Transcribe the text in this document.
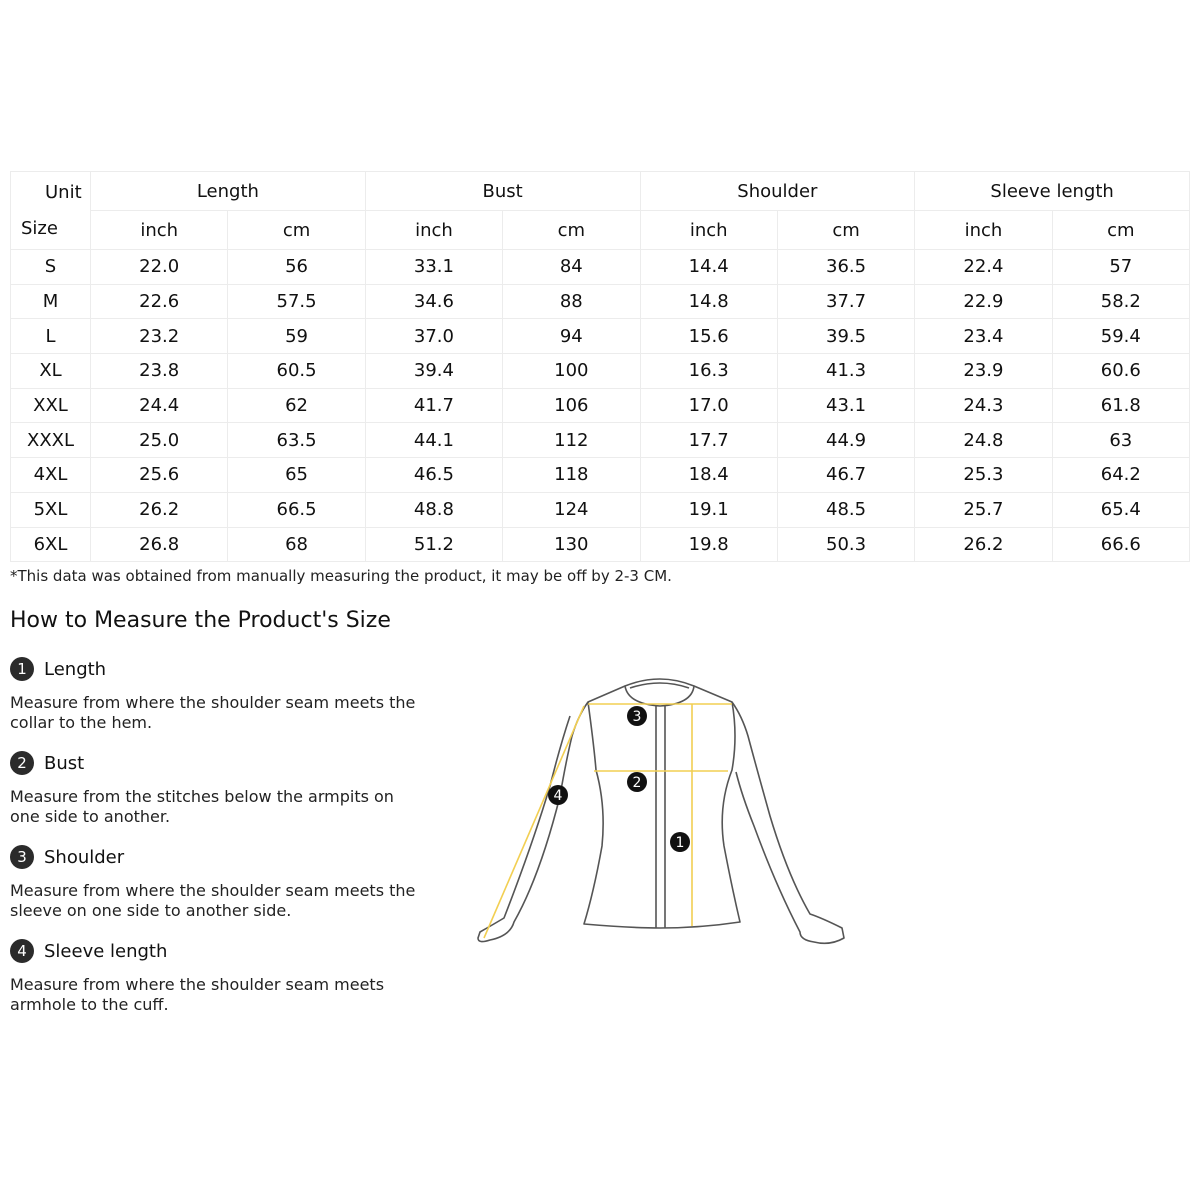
Unit
Size	Length		Bust		Shoulder		Sleeve length	
	inch	cm	inch	cm	inch	cm	inch	cm
S	22.0	56	33.1	84	14.4	36.5	22.4	57
M	22.6	57.5	34.6	88	14.8	37.7	22.9	58.2
L	23.2	59	37.0	94	15.6	39.5	23.4	59.4
XL	23.8	60.5	39.4	100	16.3	41.3	23.9	60.6
XXL	24.4	62	41.7	106	17.0	43.1	24.3	61.8
XXXL	25.0	63.5	44.1	112	17.7	44.9	24.8	63
4XL	25.6	65	46.5	118	18.4	46.7	25.3	64.2
5XL	26.2	66.5	48.8	124	19.1	48.5	25.7	65.4
6XL	26.8	68	51.2	130	19.8	50.3	26.2	66.6
*This data was obtained from manually measuring the product, it may be off by 2-3 CM.
How to Measure the Product's Size
1 Length
Measure from where the shoulder seam meets the collar to the hem.
2 Bust
Measure from the stitches below the armpits on one side to another.
3 Shoulder
Measure from where the shoulder seam meets the sleeve on one side to another side.
4 Sleeve length
Measure from where the shoulder seam meets armhole to the cuff.
1
2
3
4
